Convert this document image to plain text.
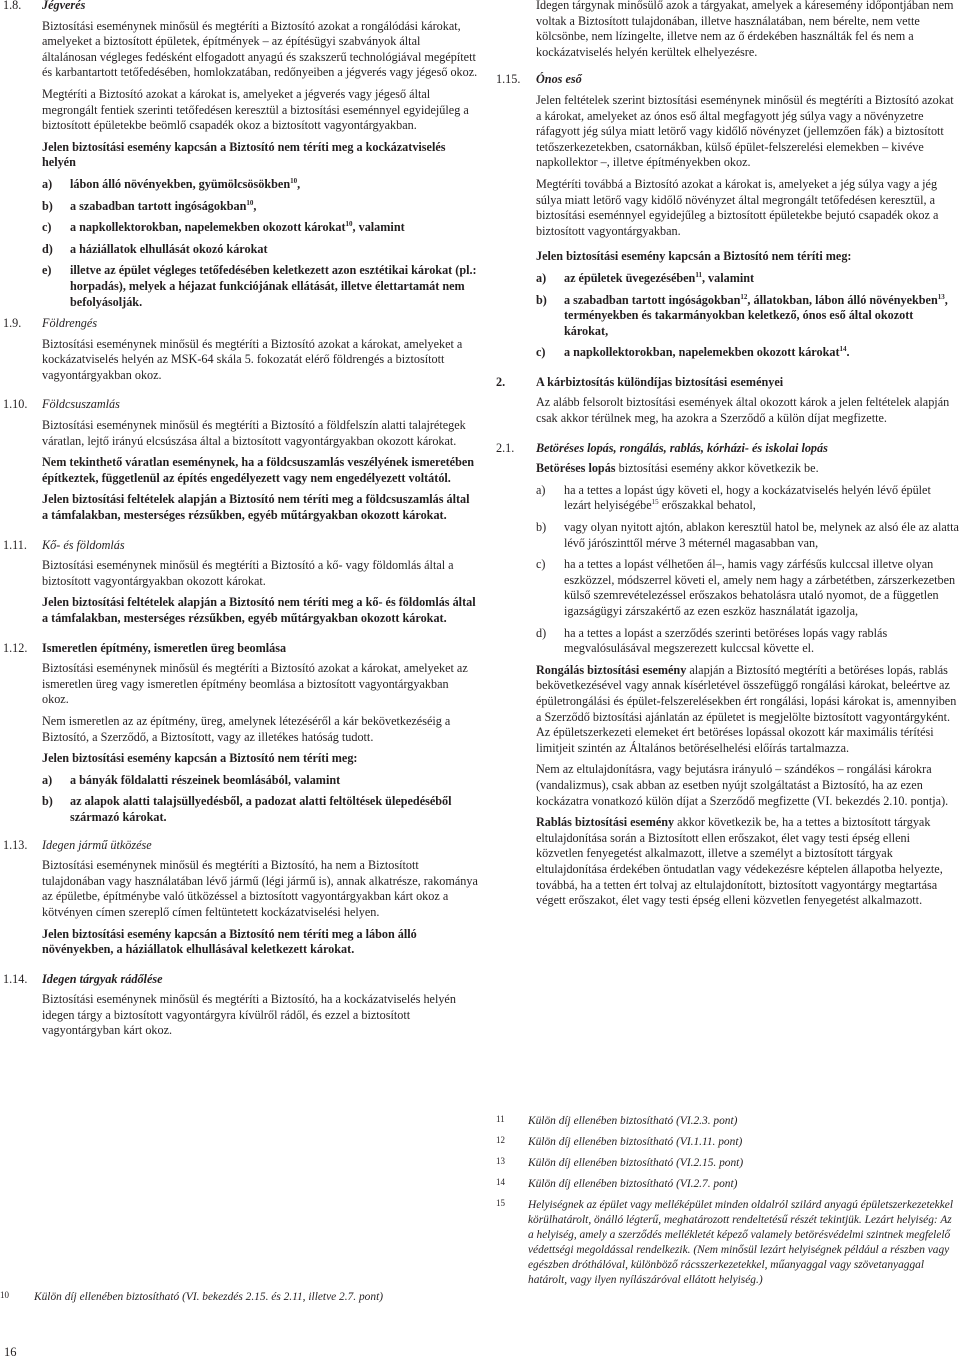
1.8. Jégverés

Biztosítási eseménynek minősül és megtéríti a Biztosító azokat a rongálódási károkat, amelyeket a biztosított épületek, építmények – az építésügyi szabványok által általánosan végleges fedésként elfogadott anyagú és szakszerű technológiával megépített és karbantartott tetőfedésében, homlokzatában, redőnyeiben a jégverés vagy jégeső okoz.

Megtéríti a Biztosító azokat a károkat is, amelyeket a jégverés vagy jégeső által megrongált fentiek szerinti tetőfedésen keresztül a biztosítási eseménnyel egyidejűleg a biztosított épületekbe beömlő csapadék okoz a biztosított vagyontárgyakban.

Jelen biztosítási esemény kapcsán a Biztosító nem téríti meg a kockázatviselés helyén

a) lábon álló növényekben, gyümölcsösökben$^{10}$,
b) a szabadban tartott ingóságokban$^{10}$,
c) a napkollektorokban, napelemekben okozott károkat$^{10}$, valamint
d) a háziállatok elhullását okozó károkat
e) illetve az épület végleges tetőfedésében keletkezett azon esztétikai károkat (pl.: horpadás), melyek a héjazat funkciójának ellátását, illetve élettartamát nem befolyásolják.
1.9. Földrengés

Biztosítási eseménynek minősül és megtéríti a Biztosító azokat a károkat, amelyeket a kockázatviselés helyén az MSK-64 skála 5. fokozatát elérő földrengés a biztosított vagyontárgyakban okoz.

1.10. Földcsuszamlás

Biztosítási eseménynek minősül és megtéríti a Biztosító a földfelszín alatti talajrétegek váratlan, lejtő irányú elcsúszása által a biztosított vagyontárgyakban okozott károkat.

Nem tekinthető váratlan eseménynek, ha a földcsuszamlás veszélyének ismeretében építkeztek, függetlenül az építés engedélyezett vagy nem engedélyezett voltától.

Jelen biztosítási feltételek alapján a Biztosító nem téríti meg a földcsuszamlás által a támfalakban, mesterséges rézsűkben, egyéb műtárgyakban okozott károkat.

1.11. Kő- és földomlás

Biztosítási eseménynek minősül és megtéríti a Biztosító a kő- vagy földomlás által a biztosított vagyontárgyakban okozott károkat.

Jelen biztosítási feltételek alapján a Biztosító nem téríti meg a kő- és földomlás által a támfalakban, mesterséges rézsűkben, egyéb műtárgyakban okozott károkat.

1.12. Ismeretlen építmény, ismeretlen üreg beomlása

Biztosítási eseménynek minősül és megtéríti a Biztosító azokat a károkat, amelyeket az ismeretlen üreg vagy ismeretlen építmény beomlása a biztosított vagyontárgyakban okoz.

Nem ismeretlen az az építmény, üreg, amelynek létezéséről a kár bekövetkezéséig a Biztosító, a Szerződő, a Biztosított, vagy az illetékes hatóság tudott.

Jelen biztosítási esemény kapcsán a Biztosító nem téríti meg:

a) a bányák földalatti részeinek beomlásából, valamint
b) az alapok alatti talajsüllyedésből, a padozat alatti feltöltések ülepedéséből származó károkat.
1.13. Idegen jármű ütközése

Biztosítási eseménynek minősül és megtéríti a Biztosító, ha nem a Biztosított tulajdonában vagy használatában lévő jármű (légi jármű is), annak alkatrésze, rakománya az épületbe, építménybe való ütközéssel a biztosított vagyontárgyakban kárt okoz a kötvényen címen szereplő címen feltüntetett kockázatviselési helyen.

Jelen biztosítási esemény kapcsán a Biztosító nem téríti meg a lábon álló növényekben, a háziállatok elhullásával keletkezett károkat.

1.14. Idegen tárgyak rádőlése

Biztosítási eseménynek minősül és megtéríti a Biztosító, ha a kockázatviselés helyén idegen tárgy a biztosított vagyontárgyra kívülről rádől, és ezzel a biztosított vagyontárgyban kárt okoz.

10 Külön díj ellenében biztosítható (VI. bekezdés 2.15. és 2.11, illetve 2.7. pont)

Idegen tárgynak minősülő azok a tárgyakat, amelyek a káresemény időpontjában nem voltak a Biztosított tulajdonában, illetve használatában, nem bérelte, nem vette kölcsönbe, nem lízingelte, illetve nem az ő érdekében használták fel és nem a kockázatviselés helyén kerültek elhelyezésre.

1.15. Ónos eső

Jelen feltételek szerint biztosítási eseménynek minősül és megtéríti a Biztosító azokat a károkat, amelyeket az ónos eső által megfagyott jég súlya vagy a növényzetre ráfagyott jég súlya miatt letörő vagy kidőlő növényzet (jellemzően fák) a biztosított tetőszerkezetekben, csatornákban, külső épület-felszerelési elemekben – kivéve napkollektor –, illetve építményekben okoz.

Megtéríti továbbá a Biztosító azokat a károkat is, amelyeket a jég súlya vagy a jég súlya miatt letörő vagy kidőlő növényzet által megrongált tetőfedésen keresztül, a biztosítási eseménnyel egyidejűleg a biztosított épületekbe bejutó csapadék okoz a biztosított vagyontárgyakban.

Jelen biztosítási esemény kapcsán a Biztosító nem téríti meg:

a) az épületek üvegezésében$^{11}$, valamint
b) a szabadban tartott ingóságokban$^{12}$, állatokban, lábon álló növényekben$^{13}$, terményekben és takarmányokban keletkező, ónos eső által okozott károkat,
c) a napkollektorokban, napelemekben okozott károkat$^{14}$.
2.	A kárbiztosítás különdíjas biztosítási eseményei

Az alább felsorolt biztosítási események által okozott károk a jelen feltételek alapján csak akkor térülnek meg, ha azokra a Szerződő a külön díjat megfizette.

2.1. Betöréses lopás, rongálás, rablás, kórházi- és iskolai lopás

Betöréses lopás biztosítási esemény akkor következik be.

a) ha a tettes a lopást úgy követi el, hogy a kockázatviselés helyén lévő épület lezárt helyiségébe$^{15}$ erőszakkal behatol,
b) vagy olyan nyitott ajtón, ablakon keresztül hatol be, melynek az alsó éle az alatta lévő járószinttől mérve 3 méternél magasabban van,
c) ha a tettes a lopást vélhetően ál–, hamis vagy zárfésűs kulccsal illetve olyan eszközzel, módszerrel követi el, amely nem hagy a zárbetétben, zárszerkezetben külső szemrevételezéssel erőszakos behatolásra utaló nyomot, de a független igazságügyi zárszakértő az ezen eszköz használatát igazolja,
d) ha a tettes a lopást a szerződés szerinti betöréses lopás vagy rablás megvalósulásával megszerezett kulccsal követte el.

Rongálás biztosítási esemény alapján a Biztosító megtéríti a betöréses lopás, rablás bekövetkezésével vagy annak kísérletével összefüggő rongálási károkat, beleértve az épületrongálási és épület-felszerelésekben ért rongálási, lopási károkat is, amennyiben a Szerződő biztosítási ajánlatán az épületet is megjelölte biztosított vagyontárgyként. Az épületszerkezeti elemeket ért betöréses lopással okozott kár maximális térítési limitjeit szintén az Általános betöréselhelési előírás tartalmazza.

Nem az eltulajdonításra, vagy bejutásra irányuló – szándékos – rongálási károkra (vandalizmus), csak abban az esetben nyújt szolgáltatást a Biztosító, ha az ezen kockázatra vonatkozó külön díjat a Szerződő megfizette (VI. bekezdés 2.10. pontja).

Rablás biztosítási esemény akkor következik be, ha a tettes a biztosított tárgyak eltulajdonítása során a Biztosított ellen erőszakot, élet vagy testi épség elleni közvetlen fenyegetést alkalmazott, illetve a személyt a biztosított tárgyak eltulajdonítása érdekében öntudatlan vagy védekezésre képtelen állapotba helyezte, továbbá, ha a tetten ért tolvaj az eltulajdonított, biztosított vagyontárgy megtartása végett erőszakot, élet vagy testi épség elleni közvetlen fenyegetést alkalmazott.

11 Külön díj ellenében biztosítható (VI.2.3. pont)
12 Külön díj ellenében biztosítható (VI.1.11. pont)
13 Külön díj ellenében biztosítható (VI.2.15. pont)
14 Külön díj ellenében biztosítható (VI.2.7. pont)
15 Helyiségnek az épület vagy melléképület minden oldalról szilárd anyagú épületszerkezetekkel körülhatárolt, önálló légterű, meghatározott rendeltetésű részét tekintjük. Lezárt helyiség: Az a helyiség, amely a szerződés mellékletét képező valamely betörésvédelmi szintnek megfelelő védettségi megoldással rendelkezik. (Nem minősül lezárt helyiségnek például a részben vagy egészben dróthálóval, különböző rácsszerkezetekkel, műanyaggal vagy szövetanyaggal határolt, vagy ilyen nyílászáróval ellátott helyiség.)
16
